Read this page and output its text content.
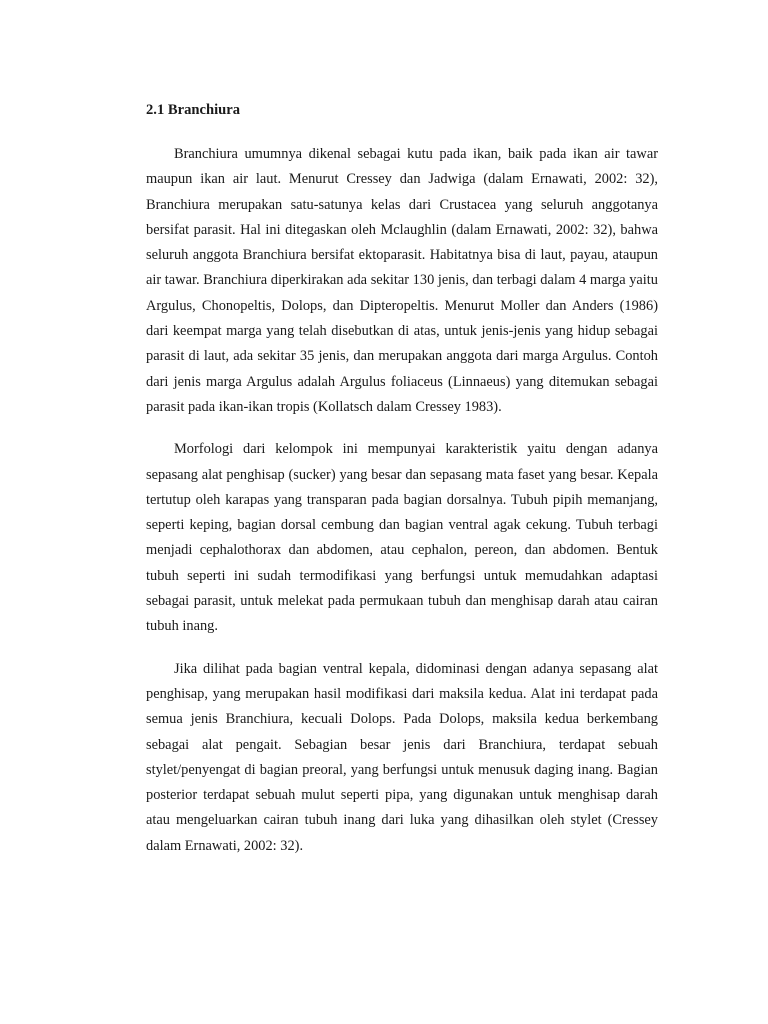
2.1 Branchiura

Branchiura umumnya dikenal sebagai kutu pada ikan, baik pada ikan air tawar maupun ikan air laut. Menurut Cressey dan Jadwiga (dalam Ernawati, 2002: 32), Branchiura merupakan satu-satunya kelas dari Crustacea yang seluruh anggotanya bersifat parasit. Hal ini ditegaskan oleh Mclaughlin (dalam Ernawati, 2002: 32), bahwa seluruh anggota Branchiura bersifat ektoparasit. Habitatnya bisa di laut, payau, ataupun air tawar. Branchiura diperkirakan ada sekitar 130 jenis, dan terbagi dalam 4 marga yaitu Argulus, Chonopeltis, Dolops, dan Dipteropeltis. Menurut Moller dan Anders (1986) dari keempat marga yang telah disebutkan di atas, untuk jenis-jenis yang hidup sebagai parasit di laut, ada sekitar 35 jenis, dan merupakan anggota dari marga Argulus. Contoh dari jenis marga Argulus adalah Argulus foliaceus (Linnaeus) yang ditemukan sebagai parasit pada ikan-ikan tropis (Kollatsch dalam Cressey 1983).

Morfologi dari kelompok ini mempunyai karakteristik yaitu dengan adanya sepasang alat penghisap (sucker) yang besar dan sepasang mata faset yang besar. Kepala tertutup oleh karapas yang transparan pada bagian dorsalnya. Tubuh pipih memanjang, seperti keping, bagian dorsal cembung dan bagian ventral agak cekung. Tubuh terbagi menjadi cephalothorax dan abdomen, atau cephalon, pereon, dan abdomen. Bentuk tubuh seperti ini sudah termodifikasi yang berfungsi untuk memudahkan adaptasi sebagai parasit, untuk melekat pada permukaan tubuh dan menghisap darah atau cairan tubuh inang.

Jika dilihat pada bagian ventral kepala, didominasi dengan adanya sepasang alat penghisap, yang merupakan hasil modifikasi dari maksila kedua. Alat ini terdapat pada semua jenis Branchiura, kecuali Dolops. Pada Dolops, maksila kedua berkembang sebagai alat pengait. Sebagian besar jenis dari Branchiura, terdapat sebuah stylet/penyengat di bagian preoral, yang berfungsi untuk menusuk daging inang. Bagian posterior terdapat sebuah mulut seperti pipa, yang digunakan untuk menghisap darah atau mengeluarkan cairan tubuh inang dari luka yang dihasilkan oleh stylet (Cressey dalam Ernawati, 2002: 32).
